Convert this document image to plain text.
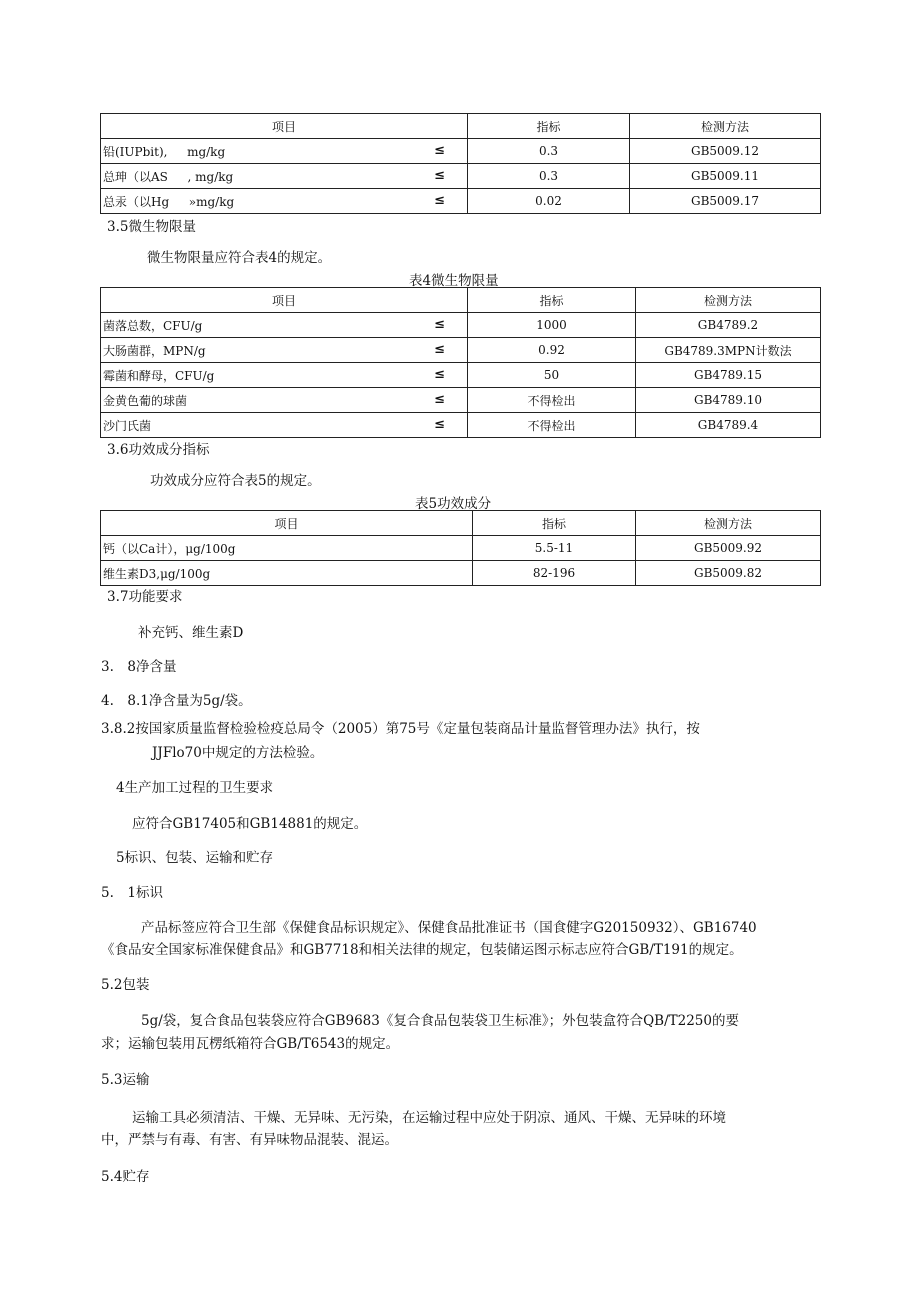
项目	指标	检测方法
铅(IUPbit), 　 mg/kg ≤	0.3	GB5009.12
总珅（以AS 　 , mg/kg ≤	0.3	GB5009.11
总汞（以Hg 　 »mg/kg ≤	0.02	GB5009.17
3.5微生物限量
微生物限量应符合表4的规定。
表4微生物限量
项目	指标	检测方法
菌落总数，CFU/g ≤	1000	GB4789.2
大肠菌群，MPN/g ≤	0.92	GB4789.3MPN计数法
霉菌和酵母，CFU/g ≤	50	GB4789.15
金黄色葡的球菌 ≤	不得检出	GB4789.10
沙门氏菌 ≤	不得检出	GB4789.4
3.6功效成分指标
功效成分应符合表5的规定。
表5功效成分
项目	指标	检测方法
钙（以Ca计），μg/100g	5.5-11	GB5009.92
维生素D3,μg/100g	82-196	GB5009.82
3.7功能要求
补充钙、维生素D
3.　8净含量
4.　8.1净含量为5g/袋。
3.8.2按国家质量监督检验检疫总局令（2005）第75号《定量包装商品计量监督管理办法》执行，按
JJFlo70中规定的方法检验。
4生产加工过程的卫生要求
应符合GB17405和GB14881的规定。
5标识、包装、运输和贮存
5.　1标识
产品标签应符合卫生部《保健食品标识规定》、保健食品批准证书（国食健字G20150932）、GB16740
《食品安全国家标准保健食品》和GB7718和相关法律的规定，包装储运图示标志应符合GB/T191的规定。
5.2包装
5g/袋，复合食品包装袋应符合GB9683《复合食品包装袋卫生标准》；外包装盒符合QB/T2250的要
求；运输包装用瓦楞纸箱符合GB/T6543的规定。
5.3运输
运输工具必须清洁、干燥、无异味、无污染，在运输过程中应处于阴凉、通风、干燥、无异味的环境
中，严禁与有毒、有害、有异味物品混装、混运。
5.4贮存
